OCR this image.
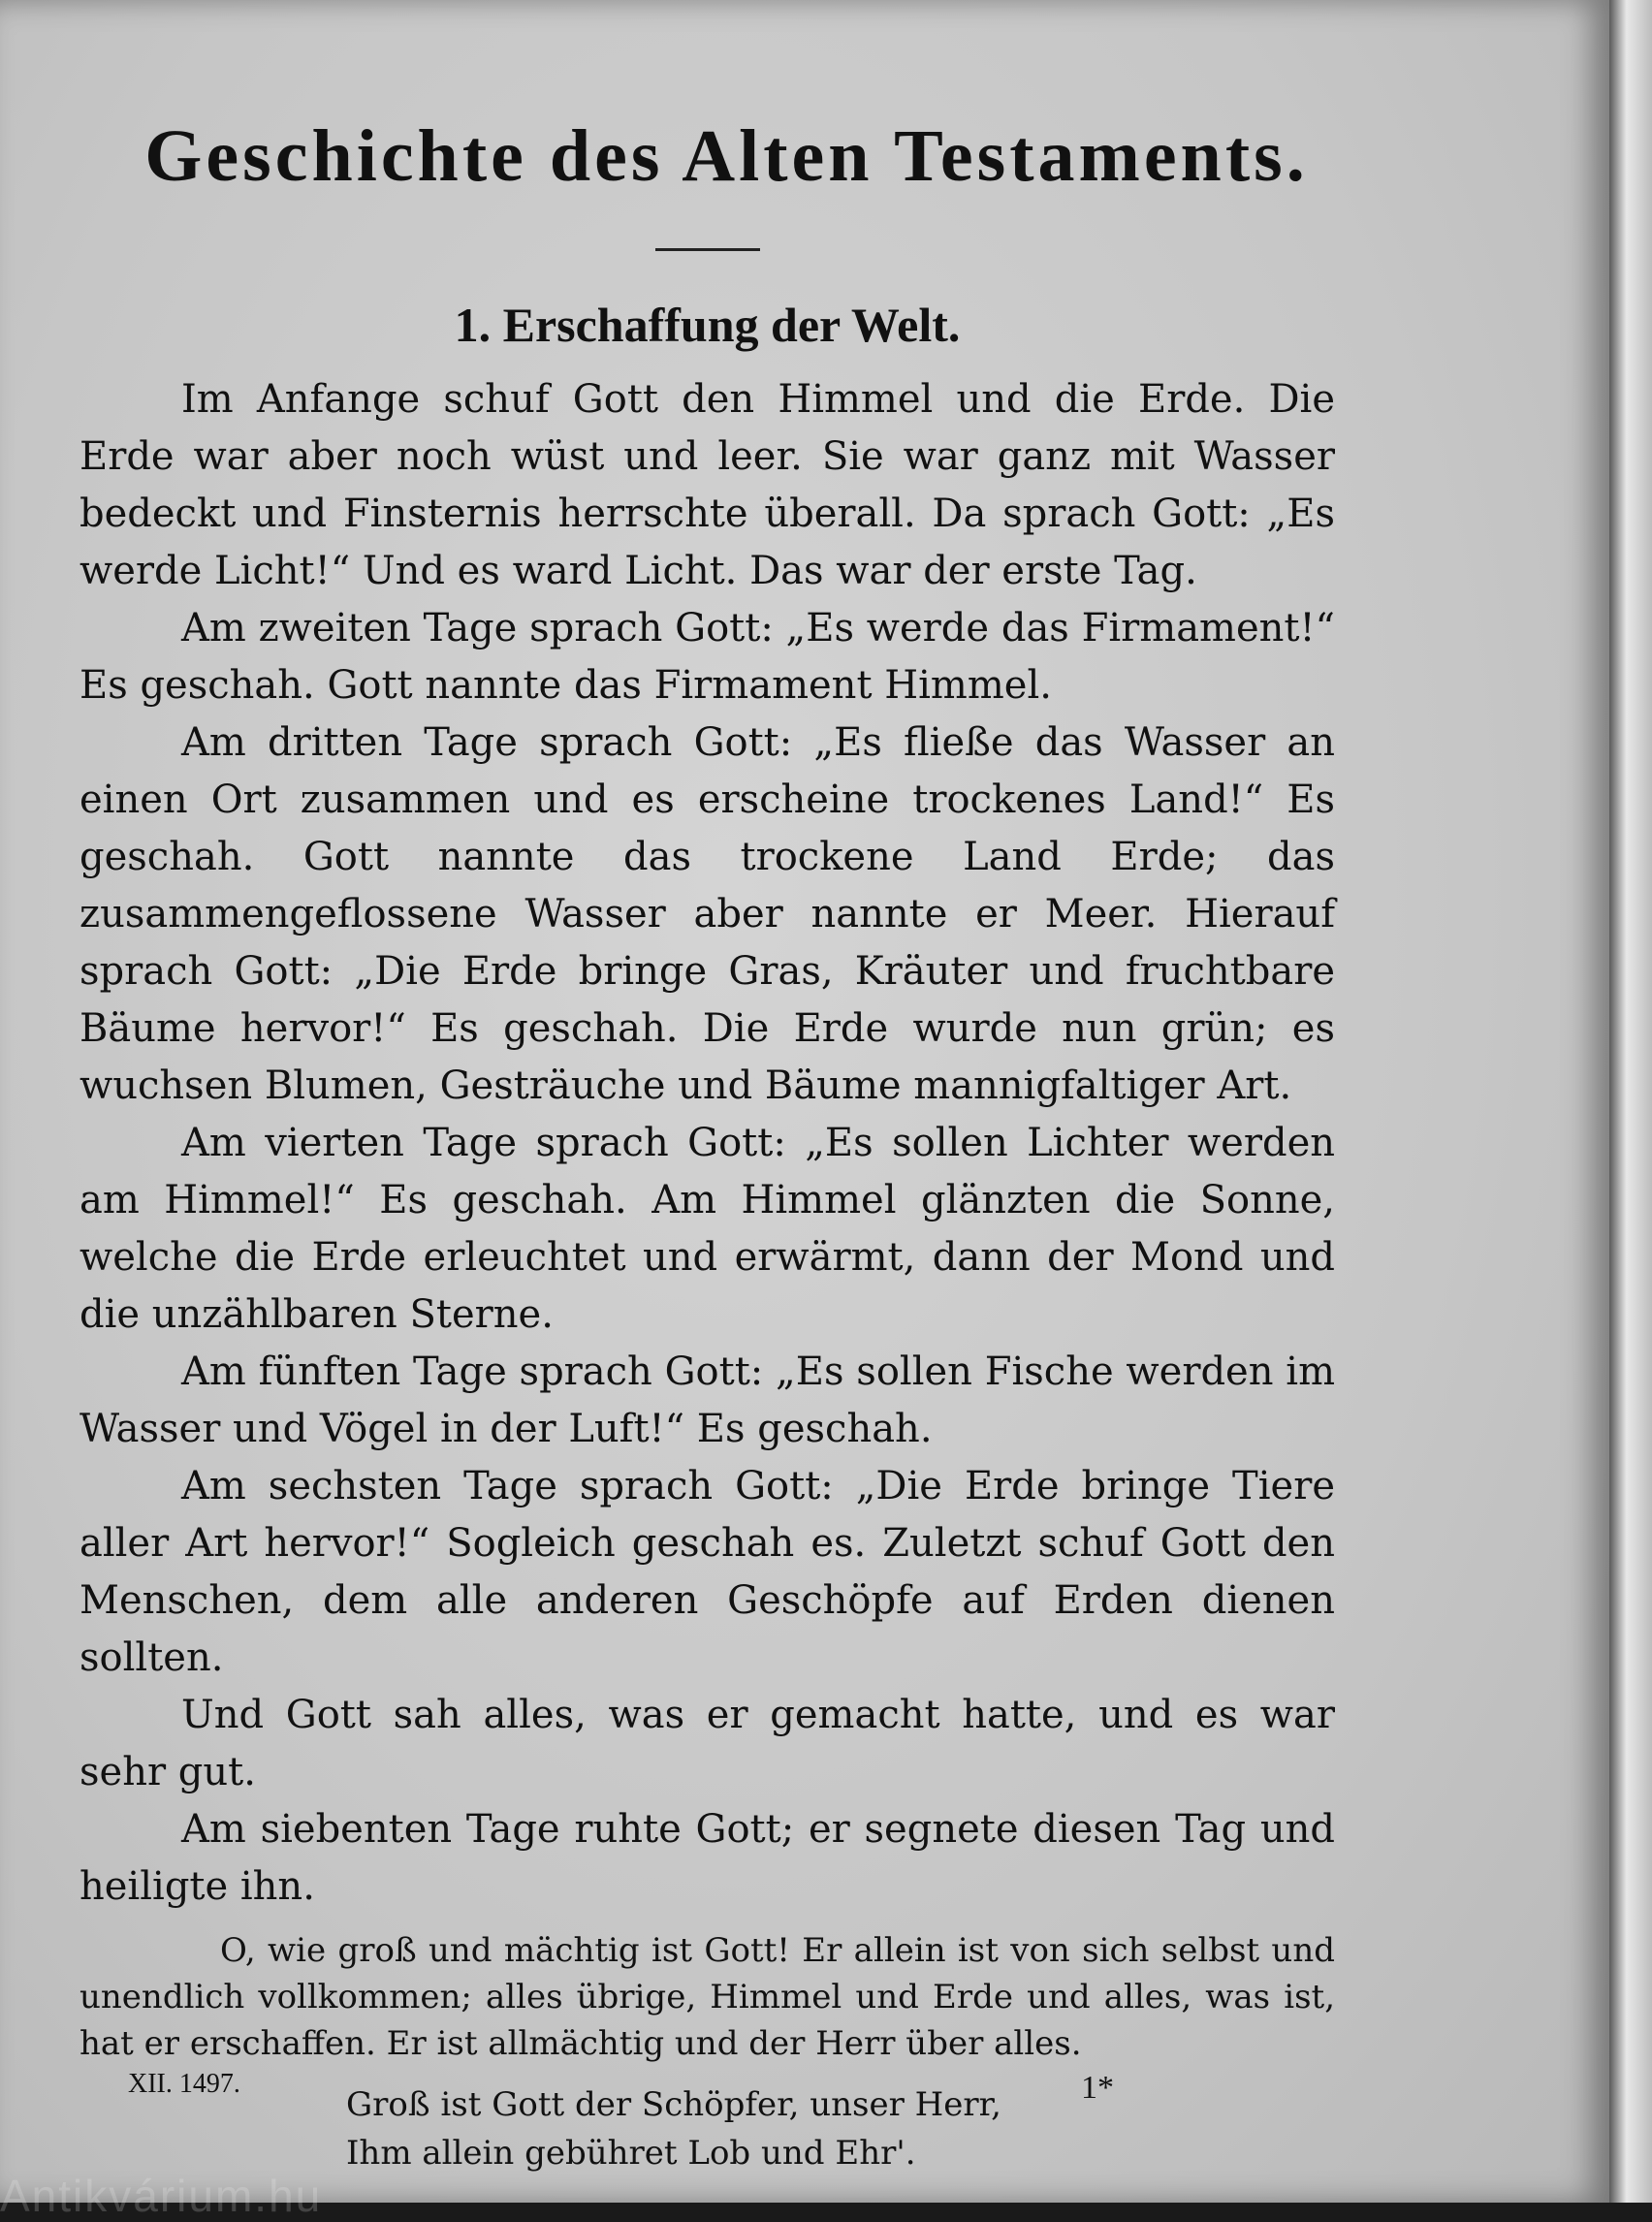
Geschichte des Alten Testaments.
1. Erschaffung der Welt.

Im Anfange schuf Gott den Himmel und die Erde. Die Erde war aber noch wüst und leer. Sie war ganz mit Wasser bedeckt und Finsternis herrschte überall. Da sprach Gott: „Es werde Licht!“ Und es ward Licht. Das war der erste Tag.

Am zweiten Tage sprach Gott: „Es werde das Firmament!“ Es geschah. Gott nannte das Firmament Himmel.

Am dritten Tage sprach Gott: „Es fließe das Wasser an einen Ort zusammen und es erscheine trockenes Land!“ Es geschah. Gott nannte das trockene Land Erde; das zusammengeflossene Wasser aber nannte er Meer. Hierauf sprach Gott: „Die Erde bringe Gras, Kräuter und fruchtbare Bäume hervor!“ Es geschah. Die Erde wurde nun grün; es wuchsen Blumen, Gesträuche und Bäume mannigfaltiger Art.

Am vierten Tage sprach Gott: „Es sollen Lichter werden am Himmel!“ Es geschah. Am Himmel glänzten die Sonne, welche die Erde erleuchtet und erwärmt, dann der Mond und die unzählbaren Sterne.

Am fünften Tage sprach Gott: „Es sollen Fische werden im Wasser und Vögel in der Luft!“ Es geschah.

Am sechsten Tage sprach Gott: „Die Erde bringe Tiere aller Art hervor!“ Sogleich geschah es. Zuletzt schuf Gott den Menschen, dem alle anderen Geschöpfe auf Erden dienen sollten.

Und Gott sah alles, was er gemacht hatte, und es war sehr gut.

Am siebenten Tage ruhte Gott; er segnete diesen Tag und heiligte ihn.

O, wie groß und mächtig ist Gott! Er allein ist von sich selbst und unendlich vollkommen; alles übrige, Himmel und Erde und alles, was ist, hat er erschaffen. Er ist allmächtig und der Herr über alles.

Groß ist Gott der Schöpfer, unser Herr,
Ihm allein gebühret Lob und Ehr'.
XII. 1497.	1*
Antikvárium.hu
